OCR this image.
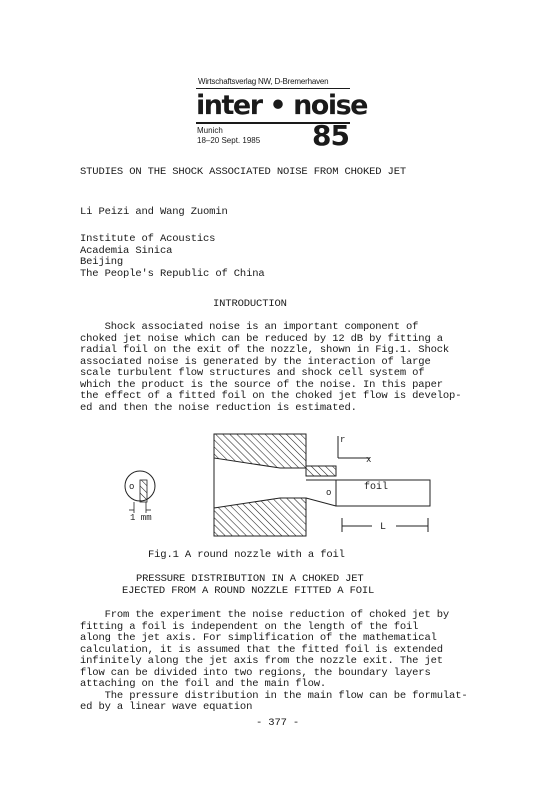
Wirtschaftsverlag NW, D-Bremerhaven
inter • noise
Munich
18–20 Sept. 1985 85
STUDIES ON THE SHOCK ASSOCIATED NOISE FROM CHOKED JET
Li Peizi and Wang Zuomin
Institute of Acoustics
Academia Sinica
Beijing
The People's Republic of China
INTRODUCTION
Shock associated noise is an important component of
choked jet noise which can be reduced by 12 dB by fitting a
radial foil on the exit of the nozzle, shown in Fig.1. Shock
associated noise is generated by the interaction of large
scale turbulent flow structures and shock cell system of
which the product is the source of the noise. In this paper
the effect of a fitted foil on the choked jet flow is develop-
ed and then the noise reduction is estimated.
r
x
o
o	foil
L
1 mm
Fig.1 A round nozzle with a foil
PRESSURE DISTRIBUTION IN A CHOKED JET
EJECTED FROM A ROUND NOZZLE FITTED A FOIL
From the experiment the noise reduction of choked jet by
fitting a foil is independent on the length of the foil
along the jet axis. For simplification of the mathematical
calculation, it is assumed that the fitted foil is extended
infinitely along the jet axis from the nozzle exit. The jet
flow can be divided into two regions, the boundary layers
attaching on the foil and the main flow.
The pressure distribution in the main flow can be formulat-
ed by a linear wave equation
- 377 -
